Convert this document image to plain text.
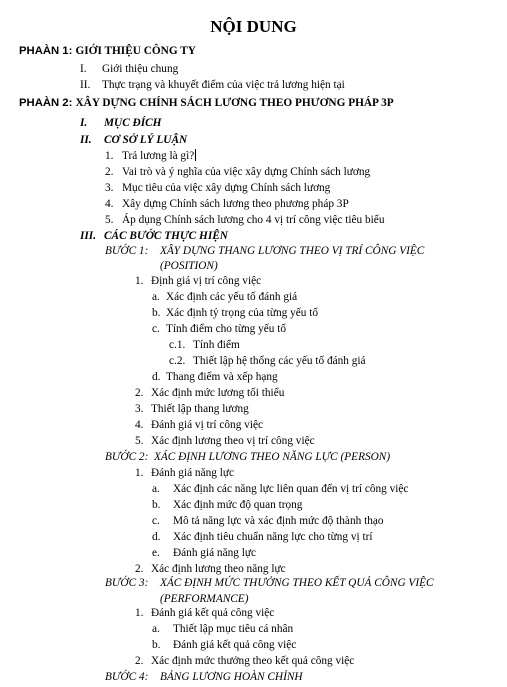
NỘI DUNG
PHAÀN 1: GIỚI THIỆU CÔNG TY
I. Giới thiệu chung
II. Thực trạng và khuyết điểm của việc trả lương hiện tại
PHAÀN 2: XÂY DỰNG CHÍNH SÁCH LƯƠNG THEO PHƯƠNG PHÁP 3P
I. MỤC ĐÍCH
II. CƠ SỞ LÝ LUẬN
1. Trả lương là gì?
2. Vai trò và ý nghĩa của việc xây dựng Chính sách lương
3. Mục tiêu của việc xây dựng Chính sách lương
4. Xây dựng Chính sách lương theo phương pháp 3P
5. Áp dụng Chính sách lương cho 4 vị trí công việc tiêu biểu
III. CÁC BƯỚC THỰC HIỆN
BƯỚC 1: XÂY DỰNG THANG LƯƠNG THEO VỊ TRÍ CÔNG VIỆC
(POSITION)
1. Định giá vị trí công việc
a. Xác định các yếu tố đánh giá
b. Xác định tỷ trọng của từng yếu tố
c. Tính điểm cho từng yếu tố
c.1. Tính điểm
c.2. Thiết lập hệ thống các yếu tố đánh giá
d. Thang điểm và xếp hạng
2. Xác định mức lương tối thiểu
3. Thiết lập thang lương
4. Đánh giá vị trí công việc
5. Xác định lương theo vị trí công việc
BƯỚC 2: XÁC ĐỊNH LƯƠNG THEO NĂNG LỰC (PERSON)
1. Đánh giá năng lực
a. Xác định các năng lực liên quan đến vị trí công việc
b. Xác định mức độ quan trọng
c. Mô tả năng lực và xác định mức độ thành thạo
d. Xác định tiêu chuẩn năng lực cho từng vị trí
e. Đánh giá năng lực
2. Xác định lương theo năng lực
BƯỚC 3: XÁC ĐỊNH MỨC THƯỞNG THEO KẾT QUẢ CÔNG VIỆC
(PERFORMANCE)
1. Đánh giá kết quả công việc
a. Thiết lập mục tiêu cá nhân
b. Đánh giá kết quả công việc
2. Xác định mức thưởng theo kết quả công việc
BƯỚC 4: BẢNG LƯƠNG HOÀN CHỈNH
